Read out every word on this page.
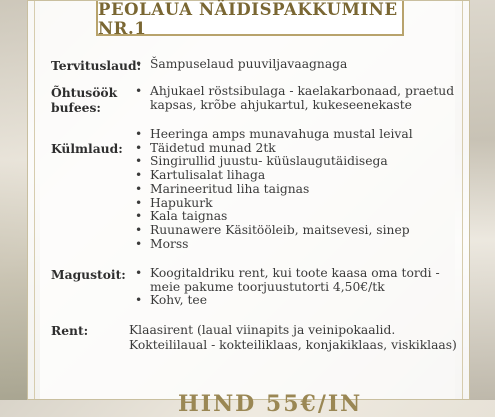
PEOLAUA NÄIDISPAKKUMINE NR.1
Tervituslaud: • Šampuselaud puuviljavaagnaga
Õhtusöök bufees:
• Ahjukael röstsibulaga - kaelakarbonaad, praetud kapsas, krõbe ahjukartul, kukeseenekaste
Külmlaud:
• Heeringa amps munavahuga mustal leival
• Täidetud munad 2tk
• Singirullid juustu- küüslaugutäidisega
• Kartulisalat lihaga
• Marineeritud liha taignas
• Hapukurk
• Kala taignas
• Ruunawere Käsitööleib, maitsevesi, sinep
• Morss
Magustoit:	• Koogitaldriku rent, kui toote kaasa oma tordi - meie pakume toorjuustutorti 4,50€/tk
• Kohv, tee
Rent:	Klaasirent (laual viinapits ja veinipokaalid.
Kokteililaual - kokteiliklaas, konjakiklaas, viskiklaas)
HIND 55€/IN
